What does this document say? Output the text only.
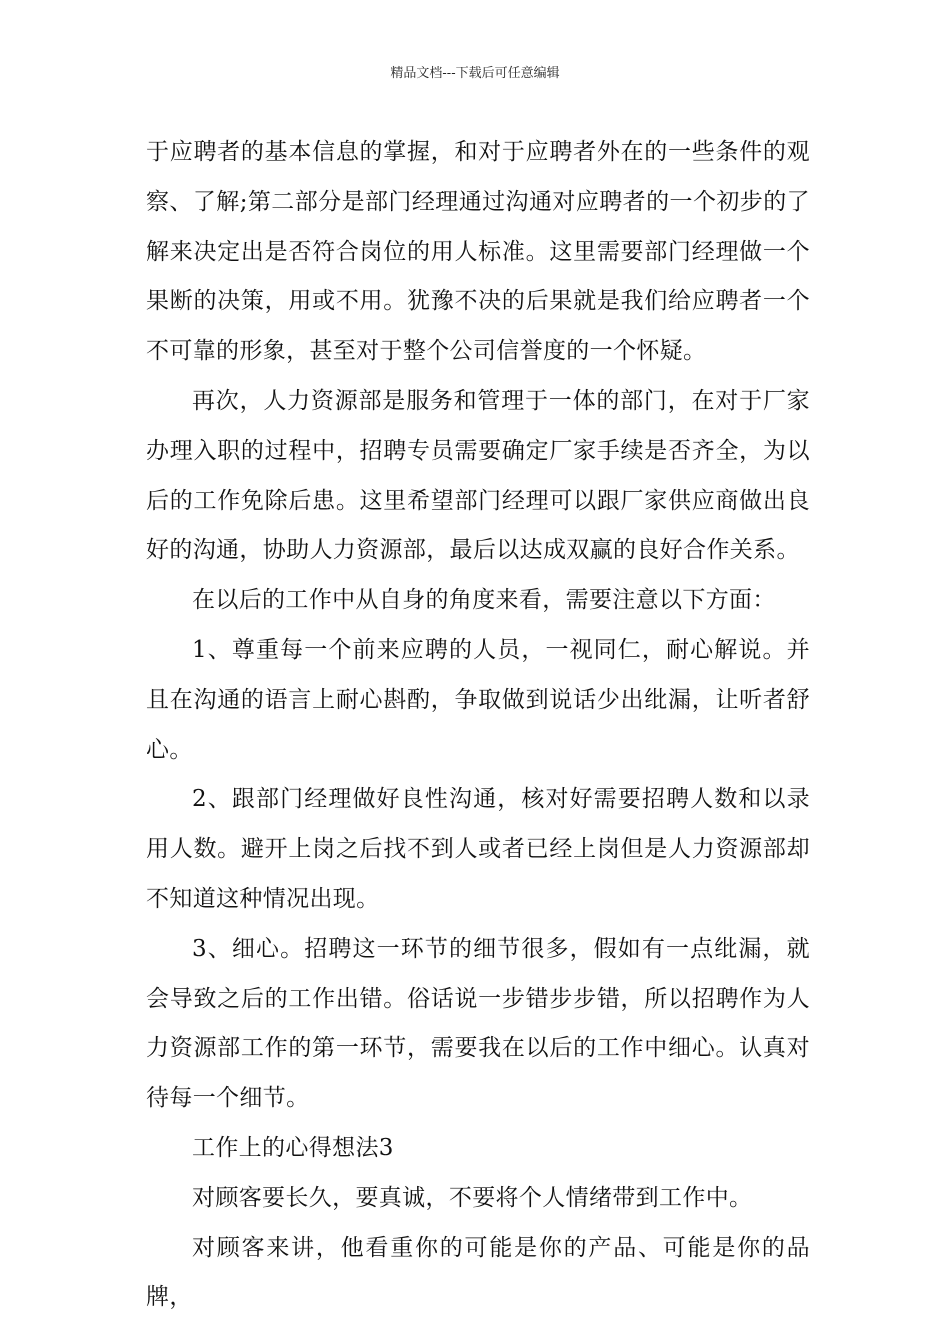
精品文档---下载后可任意编辑

于应聘者的基本信息的掌握，和对于应聘者外在的一些条件的观察、了解;第二部分是部门经理通过沟通对应聘者的一个初步的了解来决定出是否符合岗位的用人标准。这里需要部门经理做一个果断的决策，用或不用。犹豫不决的后果就是我们给应聘者一个不可靠的形象，甚至对于整个公司信誉度的一个怀疑。

再次，人力资源部是服务和管理于一体的部门，在对于厂家办理入职的过程中，招聘专员需要确定厂家手续是否齐全，为以后的工作免除后患。这里希望部门经理可以跟厂家供应商做出良好的沟通，协助人力资源部，最后以达成双赢的良好合作关系。

在以后的工作中从自身的角度来看，需要注意以下方面：

1、尊重每一个前来应聘的人员，一视同仁，耐心解说。并且在沟通的语言上耐心斟酌，争取做到说话少出纰漏，让听者舒心。

2、跟部门经理做好良性沟通，核对好需要招聘人数和以录用人数。避开上岗之后找不到人或者已经上岗但是人力资源部却不知道这种情况出现。

3、细心。招聘这一环节的细节很多，假如有一点纰漏，就会导致之后的工作出错。俗话说一步错步步错，所以招聘作为人力资源部工作的第一环节，需要我在以后的工作中细心。认真对待每一个细节。

工作上的心得想法3

对顾客要长久，要真诚，不要将个人情绪带到工作中。

对顾客来讲，他看重你的可能是你的产品、可能是你的品牌，
